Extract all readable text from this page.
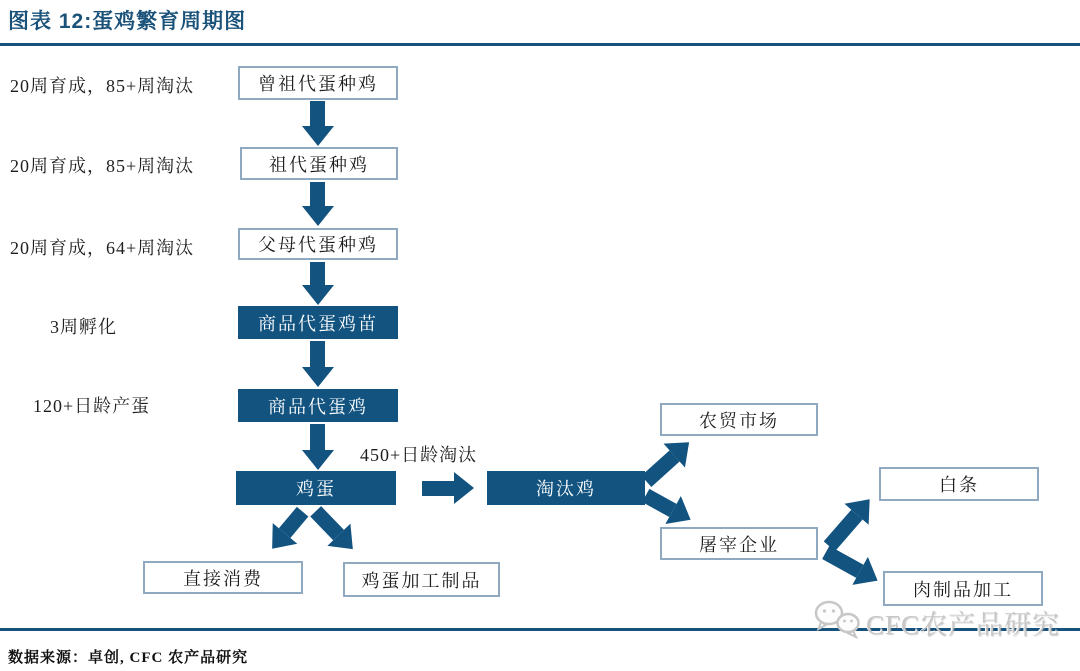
图表 12:蛋鸡繁育周期图
20周育成，85+周淘汰
20周育成，85+周淘汰
20周育成，64+周淘汰
3周孵化
120+日龄产蛋
曾祖代蛋种鸡
祖代蛋种鸡
父母代蛋种鸡
商品代蛋鸡苗
商品代蛋鸡
鸡蛋	淘汰鸡
农贸市场
屠宰企业
白条
肉制品加工
直接消费	鸡蛋加工制品
450+日龄淘汰
数据来源：卓创, CFC 农产品研究
CFC农产品研究
